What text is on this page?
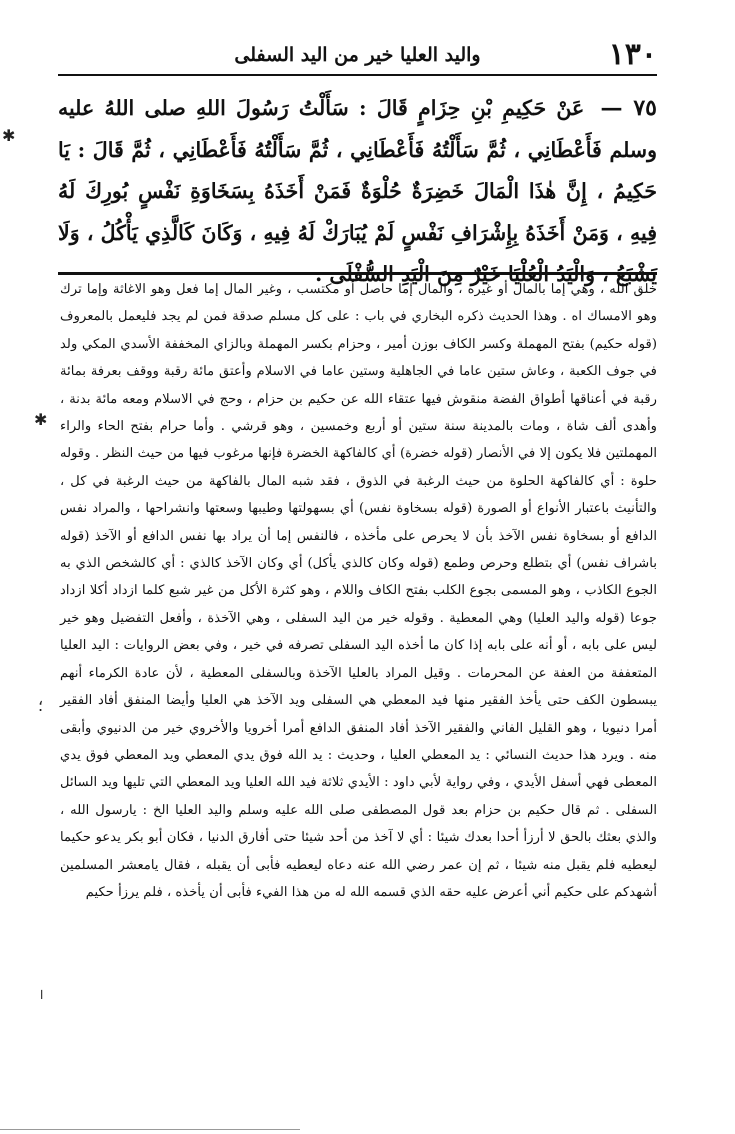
١٣٠
واليد العليا خير من اليد السفلى
٧٥ — عَنْ حَكِيمِ بْنِ حِزَامٍ قَالَ : سَأَلْتُ رَسُولَ اللهِ صلى اللهُ عليه وسلم فَأَعْطَانِي ، ثُمَّ سَأَلْتُهُ فَأَعْطَانِي ، ثُمَّ سَأَلْتُهُ فَأَعْطَانِي ، ثُمَّ قَالَ : يَا حَكِيمُ ، إِنَّ هٰذَا الْمَالَ خَضِرَةٌ حُلْوَةٌ فَمَنْ أَخَذَهُ بِسَخَاوَةِ نَفْسٍ بُورِكَ لَهُ فِيهِ ، وَمَنْ أَخَذَهُ بِإِشْرَافِ نَفْسٍ لَمْ يُبَارَكْ لَهُ فِيهِ ، وَكَانَ كَالَّذِي يَأْكُلُ ، وَلَا يَشْبَعُ ، وَالْيَدُ الْعُلْيَا خَيْرٌ مِنَ الْيَدِ السُّفْلَى .

خلق الله ، وهي إما بالمال أو غيره ، والمال إما حاصل أو مكتسب ، وغير المال إما فعل وهو الاغاثة وإما ترك وهو الامساك اه . وهذا الحديث ذكره البخاري في باب : على كل مسلم صدقة فمن لم يجد فليعمل بالمعروف (قوله حكيم) بفتح المهملة وكسر الكاف بوزن أمير ، وحزام بكسر المهملة وبالزاي المخففة الأسدي المكي ولد في جوف الكعبة ، وعاش ستين عاما في الجاهلية وستين عاما في الاسلام وأعتق مائة رقبة ووقف بعرفة بمائة رقبة في أعناقها أطواق الفضة منقوش فيها عتقاء الله عن حكيم بن حزام ، وحج في الاسلام ومعه مائة بدنة ، وأهدى ألف شاة ، ومات بالمدينة سنة ستين أو أربع وخمسين ، وهو قرشي . وأما حرام بفتح الحاء والراء المهملتين فلا يكون إلا في الأنصار (قوله خضرة) أي كالفاكهة الخضرة فإنها مرغوب فيها من حيث النظر . وقوله حلوة : أي كالفاكهة الحلوة من حيث الرغبة في الذوق ، فقد شبه المال بالفاكهة من حيث الرغبة في كل ، والتأنيث باعتبار الأنواع أو الصورة (قوله بسخاوة نفس) أي بسهولتها وطيبها وسعتها وانشراحها ، والمراد نفس الدافع أو بسخاوة نفس الآخذ بأن لا يحرص على مأخذه ، فالنفس إما أن يراد بها نفس الدافع أو الآخذ (قوله باشراف نفس) أي بتطلع وحرص وطمع (قوله وكان كالذي يأكل) أي وكان الآخذ كالذي : أي كالشخص الذي به الجوع الكاذب ، وهو المسمى بجوع الكلب بفتح الكاف واللام ، وهو كثرة الأكل من غير شبع كلما ازداد أكلا ازداد جوعا (قوله واليد العليا) وهي المعطية . وقوله خير من اليد السفلى ، وهي الآخذة ، وأفعل التفضيل وهو خير ليس على بابه ، أو أنه على بابه إذا كان ما أخذه اليد السفلى تصرفه في خير ، وفي بعض الروايات : اليد العليا المتعففة من العفة عن المحرمات . وقيل المراد بالعليا الآخذة وبالسفلى المعطية ، لأن عادة الكرماء أنهم يبسطون الكف حتى يأخذ الفقير منها فيد المعطي هي السفلى ويد الآخذ هي العليا وأيضا المنفق أفاد الفقير أمرا دنيويا ، وهو القليل الفاني والفقير الآخذ أفاد المنفق الدافع أمرا أخرويا والأخروي خير من الدنيوي وأبقى منه . ويرد هذا حديث النسائي : يد المعطي العليا ، وحديث : يد الله فوق يدي المعطي ويد المعطي فوق يدي المعطى فهي أسفل الأيدي ، وفي رواية لأبي داود : الأيدي ثلاثة فيد الله العليا ويد المعطي التي تليها ويد السائل السفلى . ثم قال حكيم بن حزام بعد قول المصطفى صلى الله عليه وسلم واليد العليا الخ : يارسول الله ، والذي بعثك بالحق لا أرزأ أحدا بعدك شيئا : أي لا آخذ من أحد شيئا حتى أفارق الدنيا ، فكان أبو بكر يدعو حكيما ليعطيه فلم يقبل منه شيئا ، ثم إن عمر رضي الله عنه دعاه ليعطيه فأبى أن يقبله ، فقال يامعشر المسلمين أشهدكم على حكيم أني أعرض عليه حقه الذي قسمه الله له من هذا الفيء فأبى أن يأخذه ، فلم يرزأ حكيم

✱
✱
؛
ا
